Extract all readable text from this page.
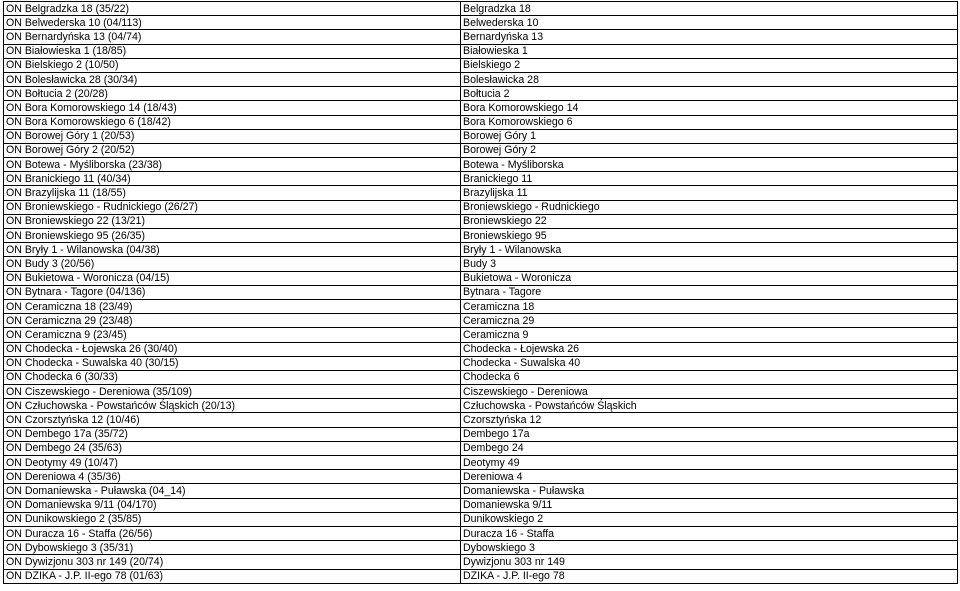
ON Belgradzka 18 (35/22)	Belgradzka 18
ON Belwederska 10 (04/113)	Belwederska 10
ON Bernardyńska 13 (04/74)	Bernardyńska 13
ON Białowieska 1 (18/85)	Białowieska 1
ON Bielskiego 2 (10/50)	Bielskiego 2
ON Bolesławicka 28 (30/34)	Bolesławicka 28
ON Bołtucia 2 (20/28)	Bołtucia 2
ON Bora Komorowskiego 14 (18/43)	Bora Komorowskiego 14
ON Bora Komorowskiego 6 (18/42)	Bora Komorowskiego 6
ON Borowej Góry 1 (20/53)	Borowej Góry 1
ON Borowej Góry 2 (20/52)	Borowej Góry 2
ON Botewa - Myśliborska (23/38)	Botewa - Myśliborska
ON Branickiego 11 (40/34)	Branickiego 11
ON Brazylijska 11 (18/55)	Brazylijska 11
ON Broniewskiego - Rudnickiego (26/27)	Broniewskiego - Rudnickiego
ON Broniewskiego 22 (13/21)	Broniewskiego 22
ON Broniewskiego 95 (26/35)	Broniewskiego 95
ON Bryły 1 - Wilanowska (04/38)	Bryły 1 - Wilanowska
ON Budy 3 (20/56)	Budy 3
ON Bukietowa - Woronicza (04/15)	Bukietowa - Woronicza
ON Bytnara - Tagore (04/136)	Bytnara - Tagore
ON Ceramiczna 18 (23/49)	Ceramiczna 18
ON Ceramiczna 29 (23/48)	Ceramiczna 29
ON Ceramiczna 9 (23/45)	Ceramiczna 9
ON Chodecka - Łojewska 26 (30/40)	Chodecka - Łojewska 26
ON Chodecka - Suwalska 40 (30/15)	Chodecka - Suwalska 40
ON Chodecka 6 (30/33)	Chodecka 6
ON Ciszewskiego - Dereniowa (35/109)	Ciszewskiego - Dereniowa
ON Człuchowska - Powstańców Śląskich (20/13)	Człuchowska - Powstańców Śląskich
ON Czorsztyńska 12 (10/46)	Czorsztyńska 12
ON Dembego 17a (35/72)	Dembego 17a
ON Dembego 24 (35/63)	Dembego 24
ON Deotymy 49 (10/47)	Deotymy 49
ON Dereniowa 4 (35/36)	Dereniowa 4
ON Domaniewska - Puławska (04_14)	Domaniewska - Puławska
ON Domaniewska 9/11 (04/170)	Domaniewska 9/11
ON Dunikowskiego 2 (35/85)	Dunikowskiego 2
ON Duracza 16 - Staffa (26/56)	Duracza 16 - Staffa
ON Dybowskiego 3 (35/31)	Dybowskiego 3
ON Dywizjonu 303 nr 149 (20/74)	Dywizjonu 303 nr 149
ON DZIKA - J.P. II-ego 78 (01/63)	DZIKA - J.P. II-ego 78
